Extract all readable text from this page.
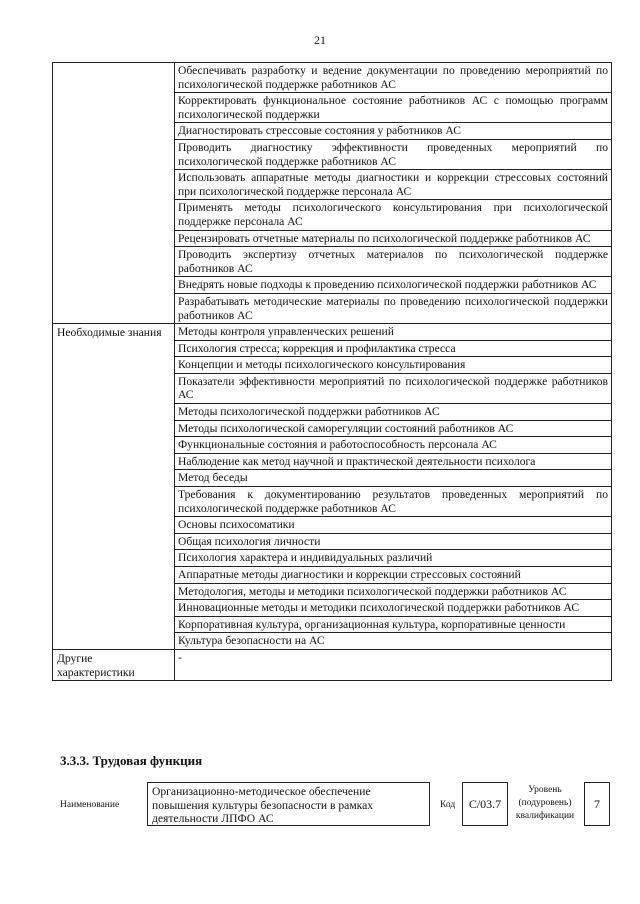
21
	Обеспечивать разработку и ведение документации по проведению мероприятий по психологической поддержке работников АС
	Корректировать функциональное состояние работников АС с помощью программ психологической поддержки
	Диагностировать стрессовые состояния у работников АС
	Проводить диагностику эффективности проведенных мероприятий по психологической поддержке работников АС
	Использовать аппаратные методы диагностики и коррекции стрессовых состояний при психологической поддержке персонала АС
	Применять методы психологического консультирования при психологической поддержке персонала АС
	Рецензировать отчетные материалы по психологической поддержке работников АС
	Проводить экспертизу отчетных материалов по психологической поддержке работников АС
	Внедрять новые подходы к проведению психологической поддержки работников АС
	Разрабатывать методические материалы по проведению психологической поддержки работников АС
Необходимые знания	Методы контроля управленческих решений
	Психология стресса; коррекция и профилактика стресса
	Концепции и методы психологического консультирования
	Показатели эффективности мероприятий по психологической поддержке работников АС
	Методы психологической поддержки работников АС
	Методы психологической саморегуляции состояний работников АС
	Функциональные состояния и работоспособность персонала АС
	Наблюдение как метод научной и практической деятельности психолога
	Метод беседы
	Требования к документированию результатов проведенных мероприятий по психологической поддержке работников АС
	Основы психосоматики
	Общая психология личности
	Психология характера и индивидуальных различий
	Аппаратные методы диагностики и коррекции стрессовых состояний
	Методология, методы и методики психологической поддержки работников АС
	Инновационные методы и методики психологической поддержки работников АС
	Корпоративная культура, организационная культура, корпоративные ценности
	Культура безопасности на АС
Другие характеристики	-
3.3.3. Трудовая функция
Наименование
Организационно-методическое обеспечение повышения культуры безопасности в рамках деятельности ЛПФО АС
Код	С/03.7
Уровень (подуровень) квалификации
7
